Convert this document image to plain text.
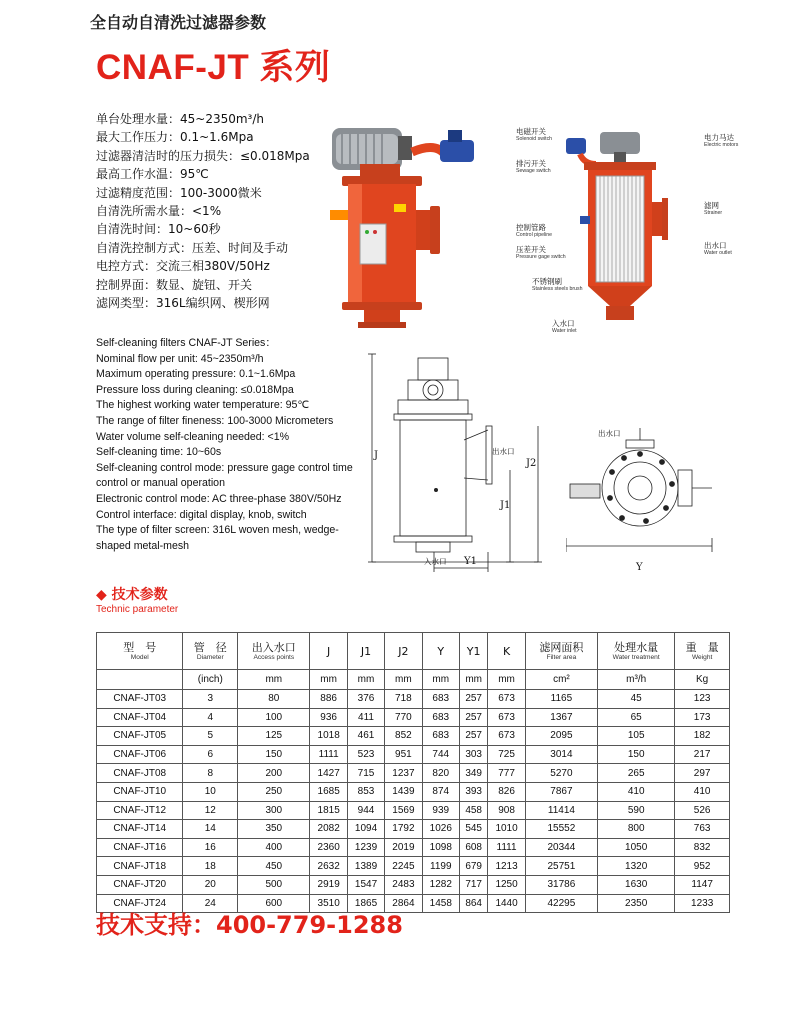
全自动自清洗过滤器参数
CNAF-JT 系列
单台处理水量：45~2350m³/h
最大工作压力：0.1~1.6Mpa
过滤器清洁时的压力损失：≤0.018Mpa
最高工作水温：95℃
过滤精度范围：100-3000微米
自清洗所需水量：<1%
自清洗时间：10~60秒
自清洗控制方式：压差、时间及手动
电控方式：交流三相380V/50Hz
控制界面：数显、旋钮、开关
滤网类型：316L编织网、楔形网
电磁开关
Solenoid switch
排污开关
Sewage switch
控制管路
Control pipeline
压差开关
Pressure gage switch
不锈钢刷
Stainless steels brush
入水口
Water inlet
电力马达
Electric motors
滤网
Strainer
出水口
Water outlet
Self-cleaning filters CNAF-JT Series：
Nominal flow per unit: 45~2350m³/h
Maximum operating pressure: 0.1~1.6Mpa
Pressure loss during cleaning: ≤0.018Mpa
The highest working water temperature: 95℃
The range of filter fineness: 100-3000 Micrometers
Water volume self-cleaning needed: <1%
Self-cleaning time: 10~60s
Self-cleaning control mode: pressure gage control time control or manual operation
Electronic control mode: AC three-phase 380V/50Hz
Control interface: digital display, knob, switch
The type of filter screen: 316L woven mesh, wedge-shaped metal-mesh
J
J2
J1
出水口
入水口 Y1
出水口
Y
◆ 技术参数
Technic parameter
型　号
Model	管　径
Diameter	出入水口
Access points	J	J1	J2	Y	Y1	K	滤网面积
Filter area	处理水量
Water treatment	重　量
Weight

	(inch)	mm	mm	mm	mm	mm	mm	mm	cm²	m³/h	Kg
CNAF-JT03	3	80	886	376	718	683	257	673	1165	45	123
CNAF-JT04	4	100	936	411	770	683	257	673	1367	65	173
CNAF-JT05	5	125	1018	461	852	683	257	673	2095	105	182
CNAF-JT06	6	150	1111	523	951	744	303	725	3014	150	217
CNAF-JT08	8	200	1427	715	1237	820	349	777	5270	265	297
CNAF-JT10	10	250	1685	853	1439	874	393	826	7867	410	410
CNAF-JT12	12	300	1815	944	1569	939	458	908	11414	590	526
CNAF-JT14	14	350	2082	1094	1792	1026	545	1010	15552	800	763
CNAF-JT16	16	400	2360	1239	2019	1098	608	1111	20344	1050	832
CNAF-JT18	18	450	2632	1389	2245	1199	679	1213	25751	1320	952
CNAF-JT20	20	500	2919	1547	2483	1282	717	1250	31786	1630	1147
CNAF-JT24	24	600	3510	1865	2864	1458	864	1440	42295	2350	1233
技术支持：400-779-1288
